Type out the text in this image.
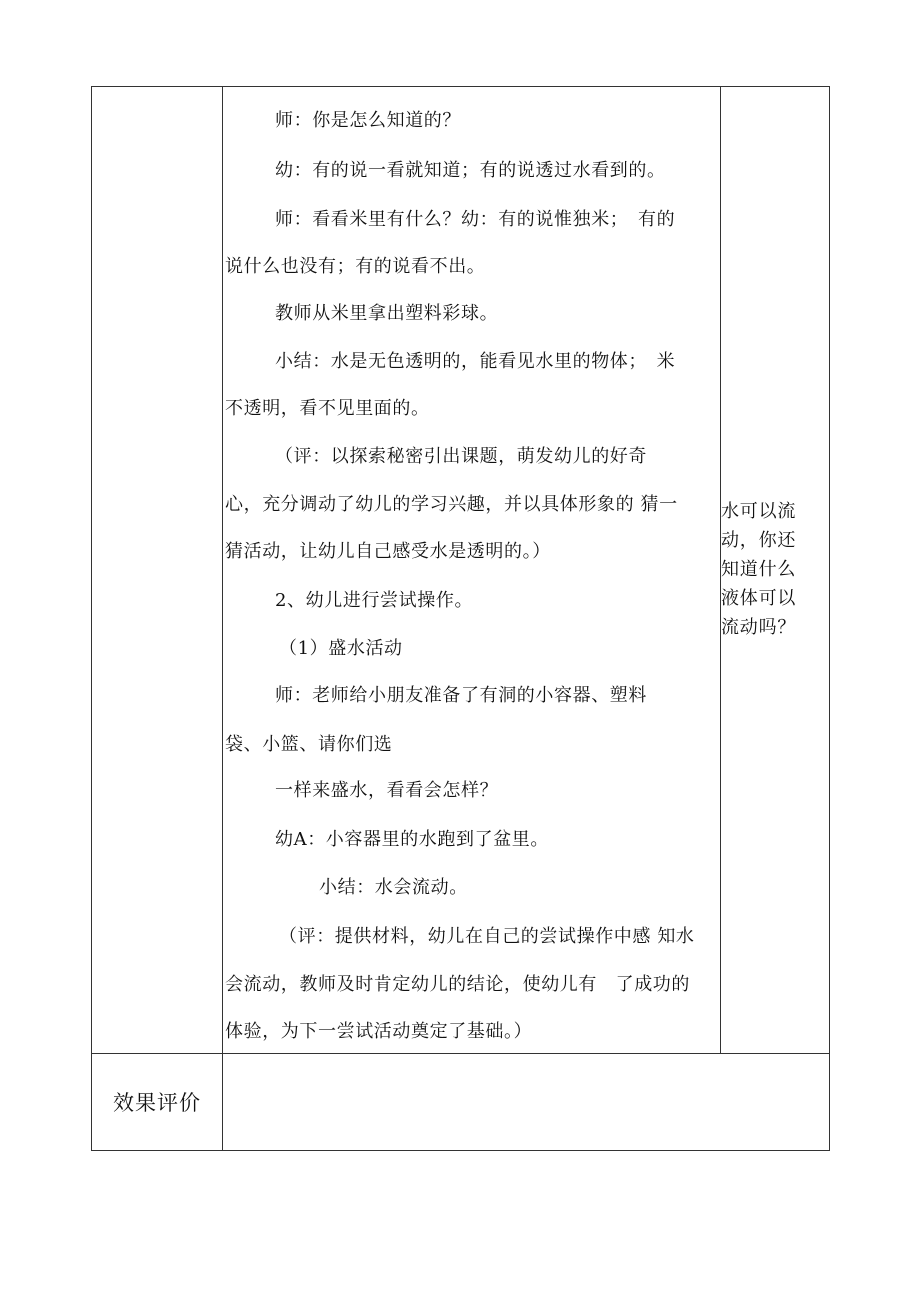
师：你是怎么知道的？
幼：有的说一看就知道；有的说透过水看到的。
师：看看米里有什么？幼：有的说惟独米；　有的
说什么也没有；有的说看不出。
教师从米里拿出塑料彩球。
小结：水是无色透明的，能看见水里的物体；　米
不透明，看不见里面的。
（评：以探索秘密引出课题，萌发幼儿的好奇
心，充分调动了幼儿的学习兴趣，并以具体形象的 猜一
猜活动，让幼儿自己感受水是透明的。）
2、幼儿进行尝试操作。
（1）盛水活动
师：老师给小朋友准备了有洞的小容器、塑料
袋、小篮、请你们选
一样来盛水，看看会怎样？
幼A：小容器里的水跑到了盆里。
小结：水会流动。
（评：提供材料，幼儿在自己的尝试操作中感 知水
会流动，教师及时肯定幼儿的结论，使幼儿有　了成功的
体验，为下一尝试活动奠定了基础。）
水可以流
动，你还
知道什么
液体可以
流动吗？
效果评价
